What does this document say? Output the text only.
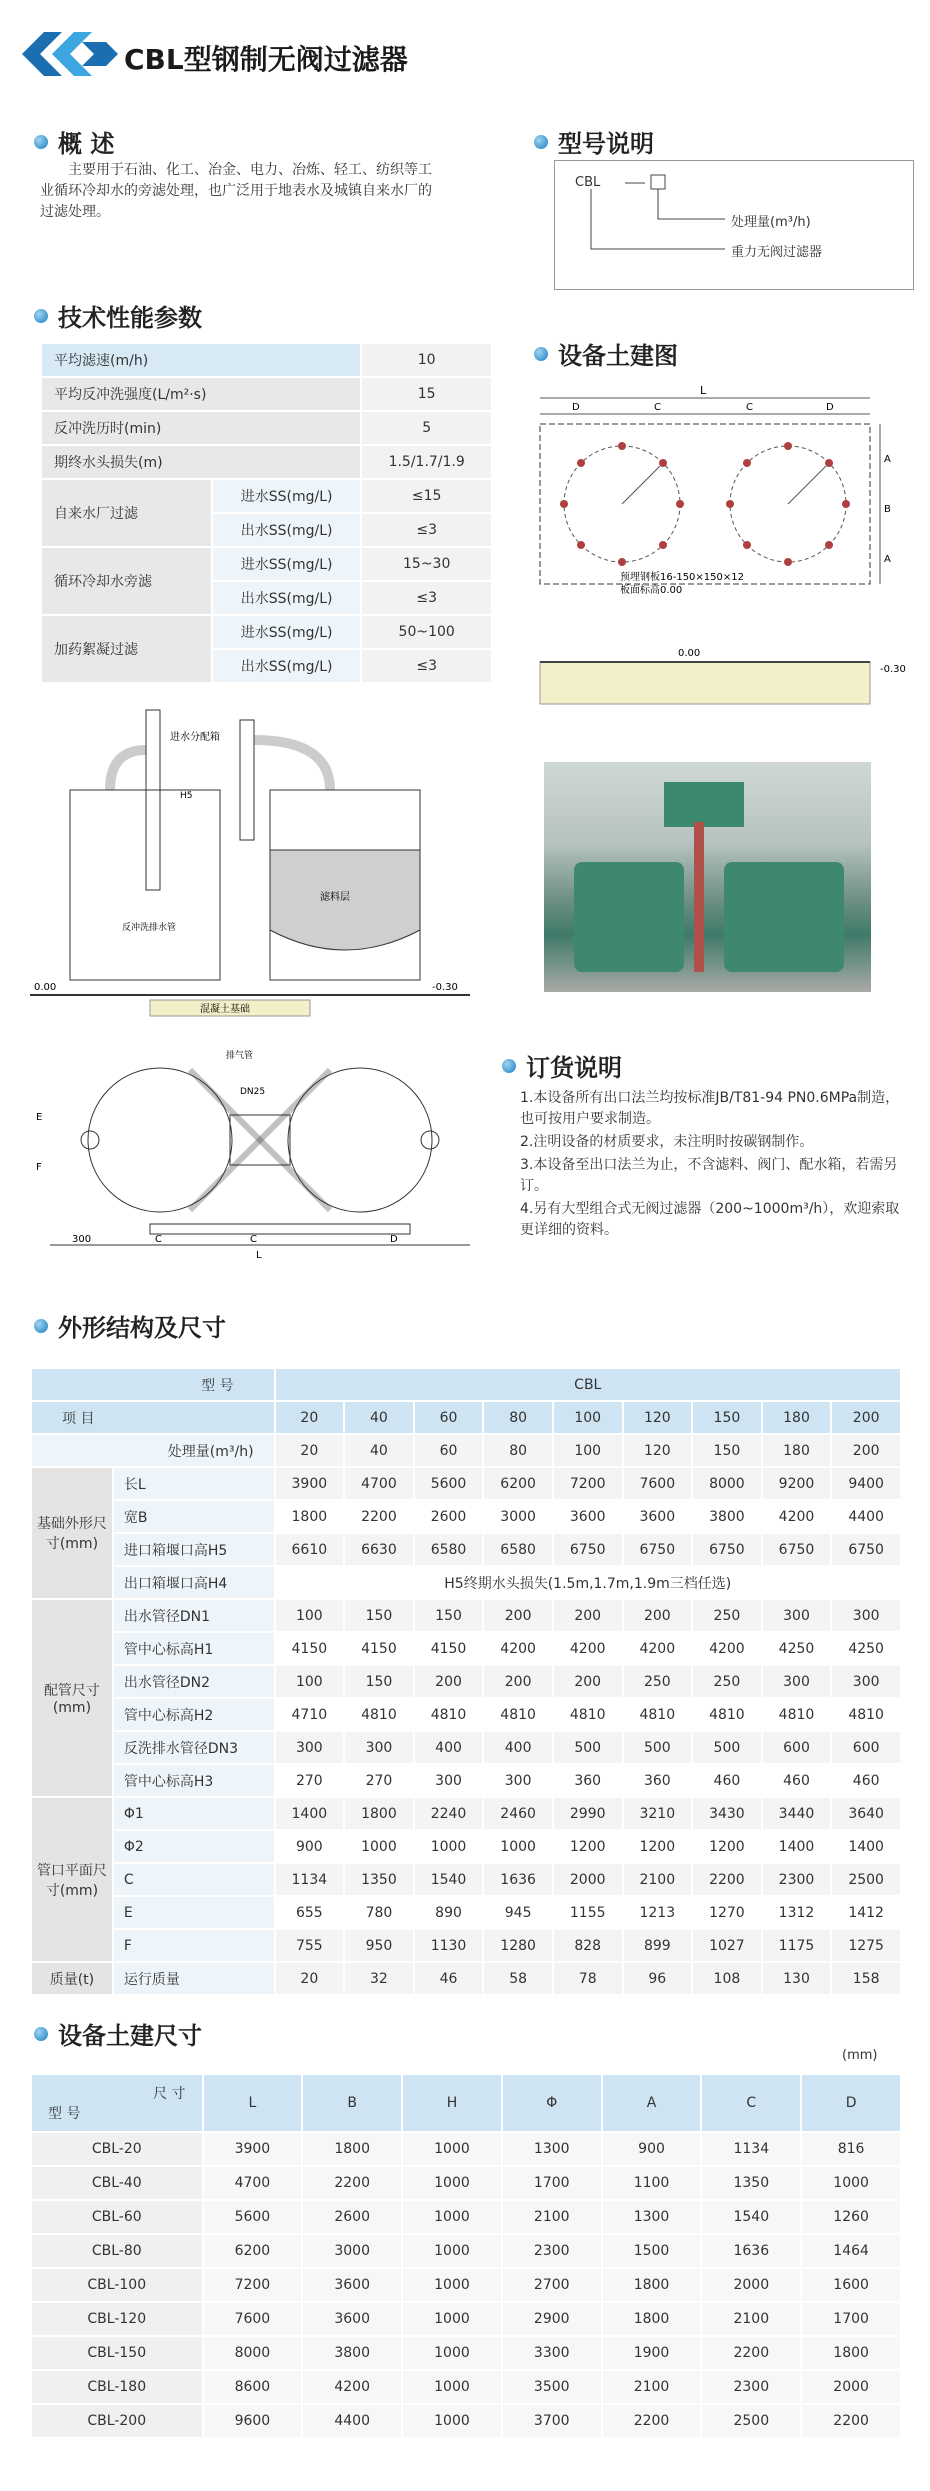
CBL型钢制无阀过滤器
概 述
主要用于石油、化工、冶金、电力、冶炼、轻工、纺织等工业循环冷却水的旁滤处理，也广泛用于地表水及城镇自来水厂的过滤处理。
型号说明
CBL
处理量(m³/h)
重力无阀过滤器
技术性能参数
平均滤速(m/h)		10
平均反冲洗强度(L/m²·s)		15
反冲洗历时(min)		5
期终水头损失(m)		1.5/1.7/1.9
自来水厂过滤	进水SS(mg/L)	≤15
	出水SS(mg/L)	≤3
循环冷却水旁滤	进水SS(mg/L)	15~30
	出水SS(mg/L)	≤3
加药絮凝过滤	进水SS(mg/L)	50~100
	出水SS(mg/L)	≤3
设备土建图
L
D	C	C	D
A
B
A
预埋钢板16-150×150×12
板面标高0.00
0.00
-0.30
滤料层
进水分配箱
反冲洗排水管
H5
0.00	-0.30
混凝土基础
排气管
DN25
300	C	C	D
L
E
F
订货说明
1.本设备所有出口法兰均按标准JB/T81-94 PN0.6MPa制造，也可按用户要求制造。
2.注明设备的材质要求，未注明时按碳钢制作。
3.本设备至出口法兰为止，不含滤料、阀门、配水箱，若需另订。
4.另有大型组合式无阀过滤器（200~1000m³/h），欢迎索取更详细的资料。
外形结构及尺寸
型 号		CBL								
项 目		20	40	60	80	100	120	150	180	200
处理量(m³/h)		20	40	60	80	100	120	150	180	200
基础外形尺寸(mm)	长L	3900	4700	5600	6200	7200	7600	8000	9200	9400
	宽B	1800	2200	2600	3000	3600	3600	3800	4200	4400
	进口箱堰口高H5	6610	6630	6580	6580	6750	6750	6750	6750	6750
	出口箱堰口高H4	H5终期水头损失(1.5m,1.7m,1.9m三档任选)								
配管尺寸(mm)	出水管径DN1	100	150	150	200	200	200	250	300	300
	管中心标高H1	4150	4150	4150	4200	4200	4200	4200	4250	4250
	出水管径DN2	100	150	200	200	200	250	250	300	300
	管中心标高H2	4710	4810	4810	4810	4810	4810	4810	4810	4810
	反洗排水管径DN3	300	300	400	400	500	500	500	600	600
	管中心标高H3	270	270	300	300	360	360	460	460	460
管口平面尺寸(mm)	Φ1	1400	1800	2240	2460	2990	3210	3430	3440	3640
	Φ2	900	1000	1000	1000	1200	1200	1200	1400	1400
	C	1134	1350	1540	1636	2000	2100	2200	2300	2500
	E	655	780	890	945	1155	1213	1270	1312	1412
	F	755	950	1130	1280	828	899	1027	1175	1275
质量(t)	运行质量	20	32	46	58	78	96	108	130	158
设备土建尺寸
(mm)
尺 寸
型 号	L	B	H	Φ	A	C	D
CBL-20	3900	1800	1000	1300	900	1134	816
CBL-40	4700	2200	1000	1700	1100	1350	1000
CBL-60	5600	2600	1000	2100	1300	1540	1260
CBL-80	6200	3000	1000	2300	1500	1636	1464
CBL-100	7200	3600	1000	2700	1800	2000	1600
CBL-120	7600	3600	1000	2900	1800	2100	1700
CBL-150	8000	3800	1000	3300	1900	2200	1800
CBL-180	8600	4200	1000	3500	2100	2300	2000
CBL-200	9600	4400	1000	3700	2200	2500	2200
